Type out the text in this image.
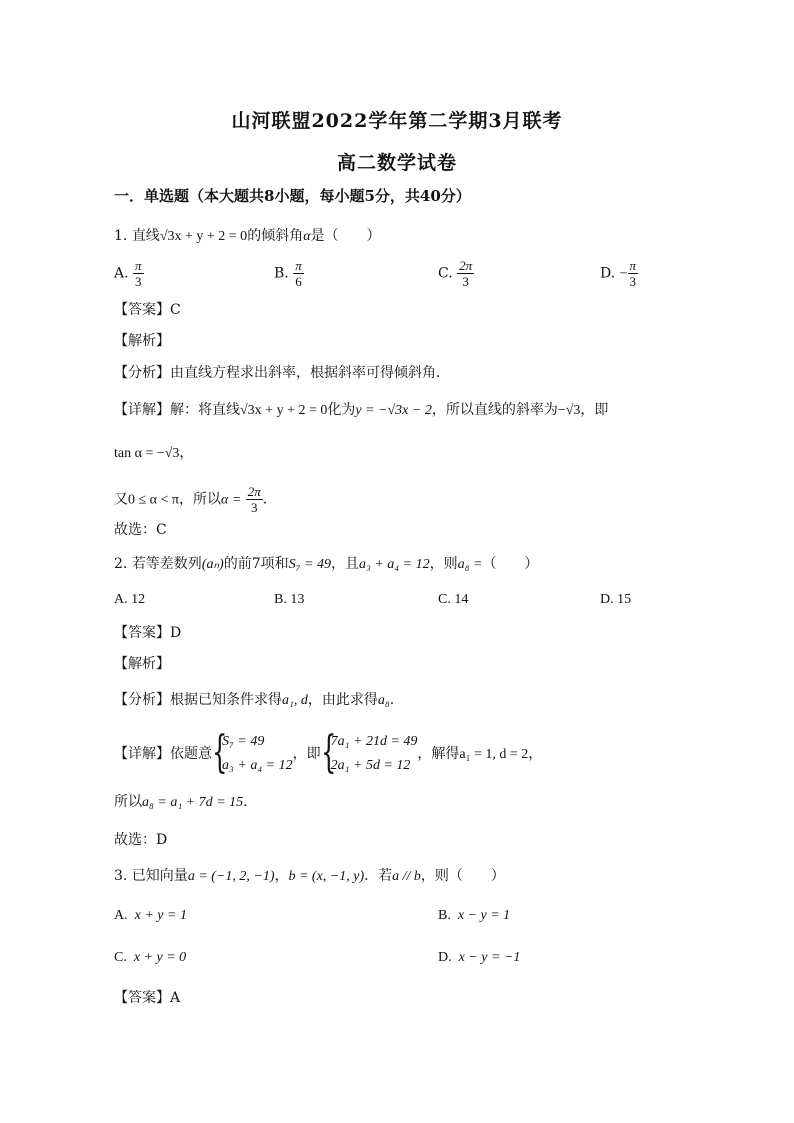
山河联盟2022学年第二学期3月联考
高二数学试卷
一．单选题（本大题共8小题，每小题5分，共40分）
1. 直线√3x + y + 2 = 0的倾斜角α是（　　）
A. $\frac{\pi}{3}$	B. $\frac{\pi}{6}$	C. $\frac{2\pi}{3}$	D. − $\frac{\pi}{3}$
【答案】C
【解析】
【分析】由直线方程求出斜率，根据斜率可得倾斜角.
【详解】解：将直线√3x + y + 2 = 0化为y = −√3x − 2，所以直线的斜率为−√3，即
tan α = −√3，
又0 ≤ α < π，所以$\alpha = \frac{2\pi}{3}$ .
故选：C
2. 若等差数列(aₙ)的前7项和S₇ = 49，且a₃ + a₄ = 12，则a₈ =（　　）
A. 12	B. 13	C. 14	D. 15
【答案】D
【解析】
【分析】根据已知条件求得a₁, d，由此求得a₈.
【详解】依题意 {
S₇ = 49
a₃ + a₄ = 12
，即 {
7a₁ + 21d = 49
2a₁ + 5d = 12
，解得a₁ = 1, d = 2，
所以a₈ = a₁ + 7d = 15.
故选：D
3. 已知向量a = (−1, 2, −1)，b = (x, −1, y)．若a // b，则（　　）
A. x + y = 1	B. x − y = 1
C. x + y = 0	D. x − y = −1
【答案】A
